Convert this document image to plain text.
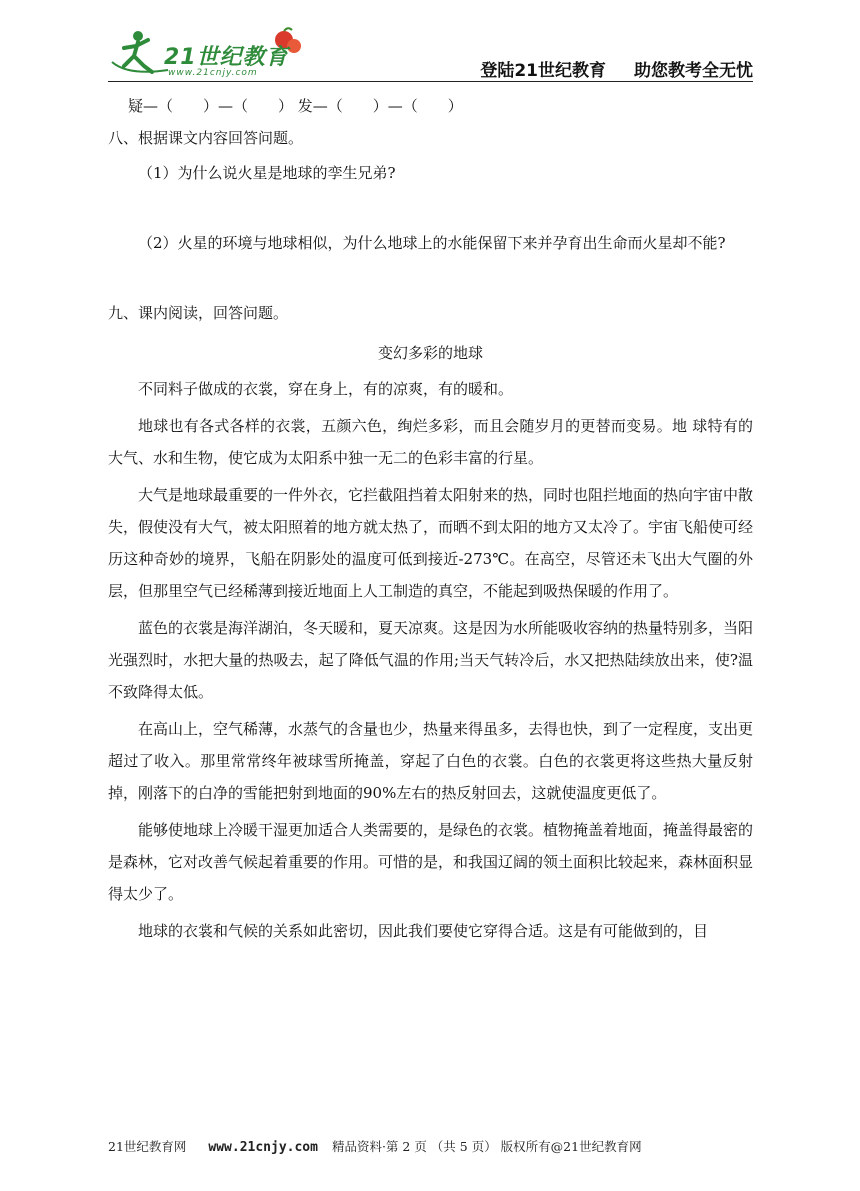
21世纪教育
www.21cnjy.com	登陆21世纪教育 助您教考全无忧
疑—（　　）—（　　） 发—（　　）—（　　）
八、根据课文内容回答问题。
（1）为什么说火星是地球的孪生兄弟?
（2）火星的环境与地球相似，为什么地球上的水能保留下来并孕育出生命而火星却不能?
九、课内阅读，回答问题。
变幻多彩的地球

不同料子做成的衣裳，穿在身上，有的凉爽，有的暖和。

地球也有各式各样的衣裳，五颜六色，绚烂多彩，而且会随岁月的更替而变易。地 球特有的大气、水和生物，使它成为太阳系中独一无二的色彩丰富的行星。

大气是地球最重要的一件外衣，它拦截阻挡着太阳射来的热，同时也阻拦地面的热向宇宙中散失，假使没有大气，被太阳照着的地方就太热了，而晒不到太阳的地方又太冷了。宇宙飞船使可经历这种奇妙的境界，飞船在阴影处的温度可低到接近-273℃。在高空，尽管还未飞出大气圈的外层，但那里空气已经稀薄到接近地面上人工制造的真空，不能起到吸热保暖的作用了。

蓝色的衣裳是海洋湖泊，冬天暖和，夏天凉爽。这是因为水所能吸收容纳的热量特别多，当阳光强烈时，水把大量的热吸去，起了降低气温的作用;当天气转冷后，水又把热陆续放出来，使?温不致降得太低。

在高山上，空气稀薄，水蒸气的含量也少，热量来得虽多，去得也快，到了一定程度，支出更超过了收入。那里常常终年被球雪所掩盖，穿起了白色的衣裳。白色的衣裳更将这些热大量反射掉，刚落下的白净的雪能把射到地面的90%左右的热反射回去，这就使温度更低了。

能够使地球上冷暖干湿更加适合人类需要的，是绿色的衣裳。植物掩盖着地面，掩盖得最密的是森林，它对改善气候起着重要的作用。可惜的是，和我国辽阔的领土面积比较起来，森林面积显得太少了。

地球的衣裳和气候的关系如此密切，因此我们要使它穿得合适。这是有可能做到的，目

21世纪教育网 www.21cnjy.com 精品资料·第 2 页 （共 5 页） 版权所有@21世纪教育网
